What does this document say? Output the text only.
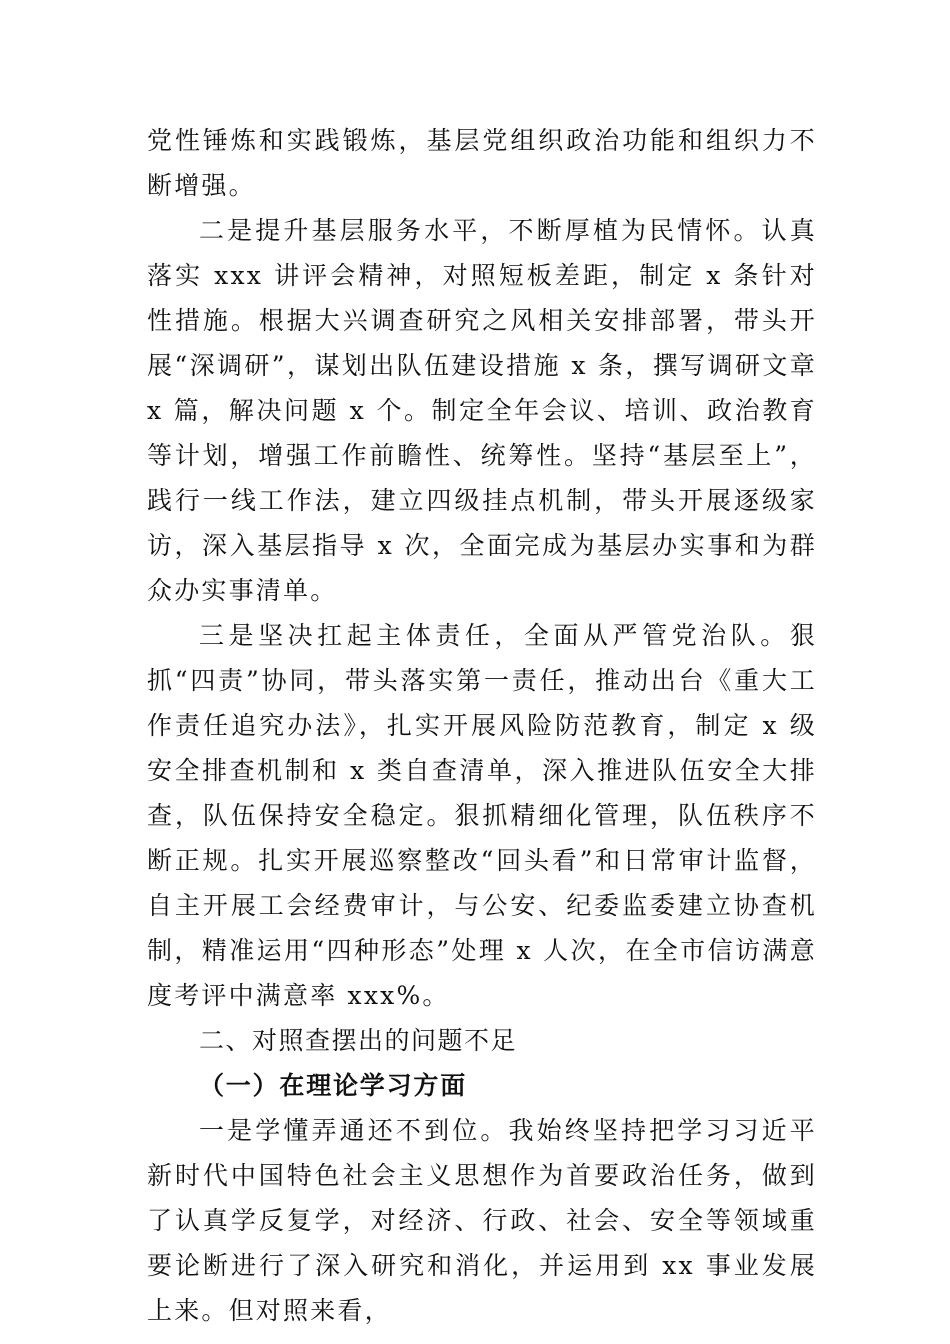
党性锤炼和实践锻炼，基层党组织政治功能和组织力不断增强。

二是提升基层服务水平，不断厚植为民情怀。认真落实 xxx 讲评会精神，对照短板差距，制定 x 条针对性措施。根据大兴调查研究之风相关安排部署，带头开展“深调研”，谋划出队伍建设措施 x 条，撰写调研文章 x 篇，解决问题 x 个。制定全年会议、培训、政治教育等计划，增强工作前瞻性、统筹性。坚持“基层至上”，践行一线工作法，建立四级挂点机制，带头开展逐级家访，深入基层指导 x 次，全面完成为基层办实事和为群众办实事清单。

三是坚决扛起主体责任，全面从严管党治队。狠抓“四责”协同，带头落实第一责任，推动出台《重大工作责任追究办法》，扎实开展风险防范教育，制定 x 级安全排查机制和 x 类自查清单，深入推进队伍安全大排查，队伍保持安全稳定。狠抓精细化管理，队伍秩序不断正规。扎实开展巡察整改“回头看”和日常审计监督，自主开展工会经费审计，与公安、纪委监委建立协查机制，精准运用“四种形态”处理 x 人次，在全市信访满意度考评中满意率 xxx%。

二、对照查摆出的问题不足
（一）在理论学习方面

一是学懂弄通还不到位。我始终坚持把学习习近平新时代中国特色社会主义思想作为首要政治任务，做到了认真学反复学，对经济、行政、社会、安全等领域重要论断进行了深入研究和消化，并运用到 xx 事业发展上来。但对照来看，
